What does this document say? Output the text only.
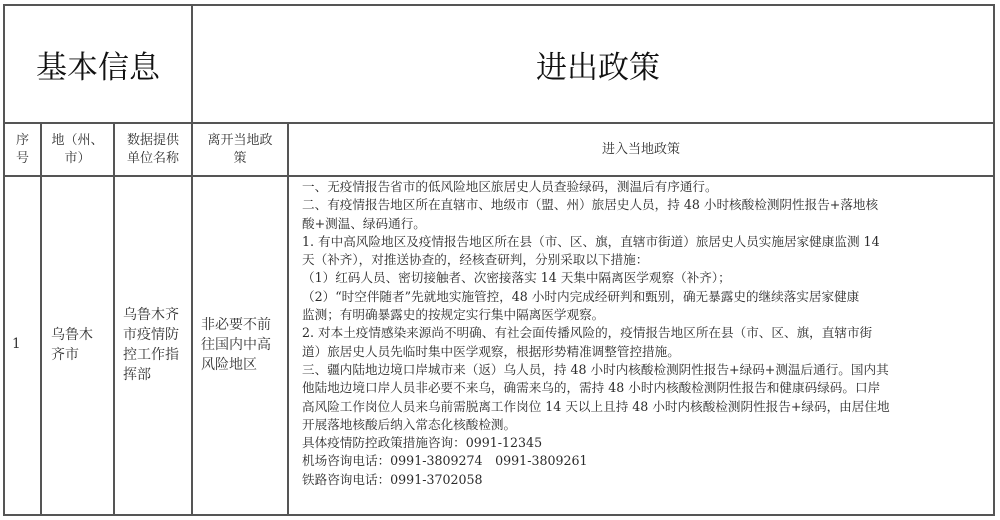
基本信息	进出政策
序
号
地（州、
市）
数据提供
单位名称
离开当地政
策
进入当地政策
1
乌鲁木
齐市
乌鲁木齐
市疫情防
控工作指
挥部
非必要不前
往国内中高
风险地区
一、无疫情报告省市的低风险地区旅居史人员查验绿码，测温后有序通行。
二、有疫情报告地区所在直辖市、地级市（盟、州）旅居史人员，持 48 小时核酸检测阴性报告+落地核
酸+测温、绿码通行。
1. 有中高风险地区及疫情报告地区所在县（市、区、旗，直辖市街道）旅居史人员实施居家健康监测 14
天（补齐），对推送协查的，经核查研判，分别采取以下措施：
（1）红码人员、密切接触者、次密接落实 14 天集中隔离医学观察（补齐）；
（2）“时空伴随者”先就地实施管控，48 小时内完成经研判和甄别，确无暴露史的继续落实居家健康
监测；有明确暴露史的按规定实行集中隔离医学观察。
2. 对本土疫情感染来源尚不明确、有社会面传播风险的，疫情报告地区所在县（市、区、旗，直辖市街
道）旅居史人员先临时集中医学观察，根据形势精准调整管控措施。
三、疆内陆地边境口岸城市来（返）乌人员，持 48 小时内核酸检测阴性报告+绿码+测温后通行。国内其
他陆地边境口岸人员非必要不来乌，确需来乌的，需持 48 小时内核酸检测阴性报告和健康码绿码。口岸
高风险工作岗位人员来乌前需脱离工作岗位 14 天以上且持 48 小时内核酸检测阴性报告+绿码，由居住地
开展落地核酸后纳入常态化核酸检测。
具体疫情防控政策措施咨询：0991-12345
机场咨询电话：0991-3809274　0991-3809261
铁路咨询电话：0991-3702058
